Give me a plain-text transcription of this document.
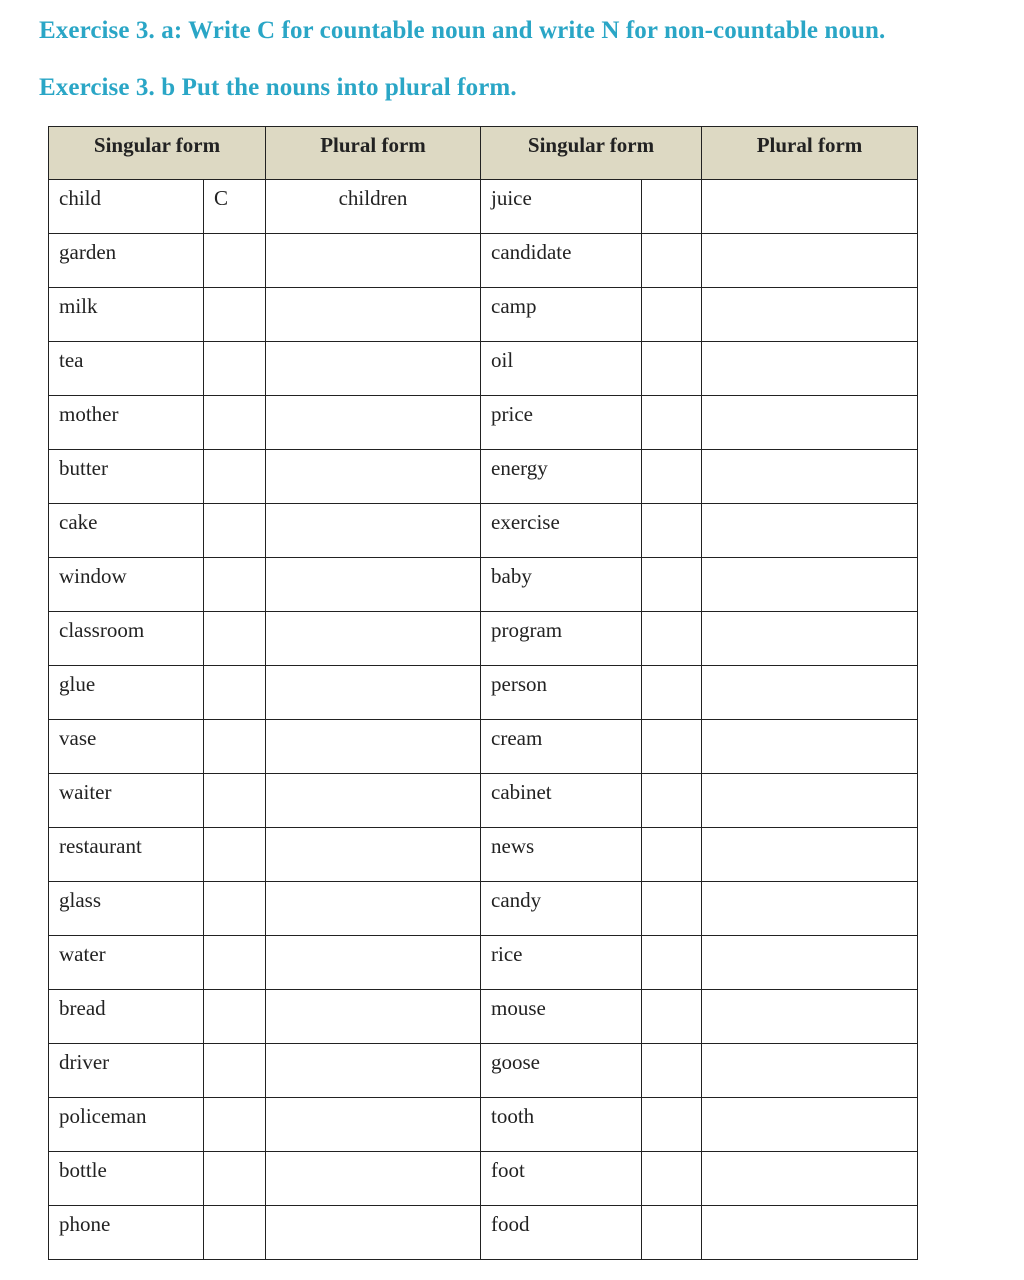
Exercise 3. a: Write C for countable noun and write N for non-countable noun.
Exercise 3. b Put the nouns into plural form.
Singular form		Plural form	Singular form		Plural form
child	C	children	juice		
garden			candidate		
milk			camp		
tea			oil		
mother			price		
butter			energy		
cake			exercise		
window			baby		
classroom			program		
glue			person		
vase			cream		
waiter			cabinet		
restaurant			news		
glass			candy		
water			rice		
bread			mouse		
driver			goose		
policeman			tooth		
bottle			foot		
phone			food		
